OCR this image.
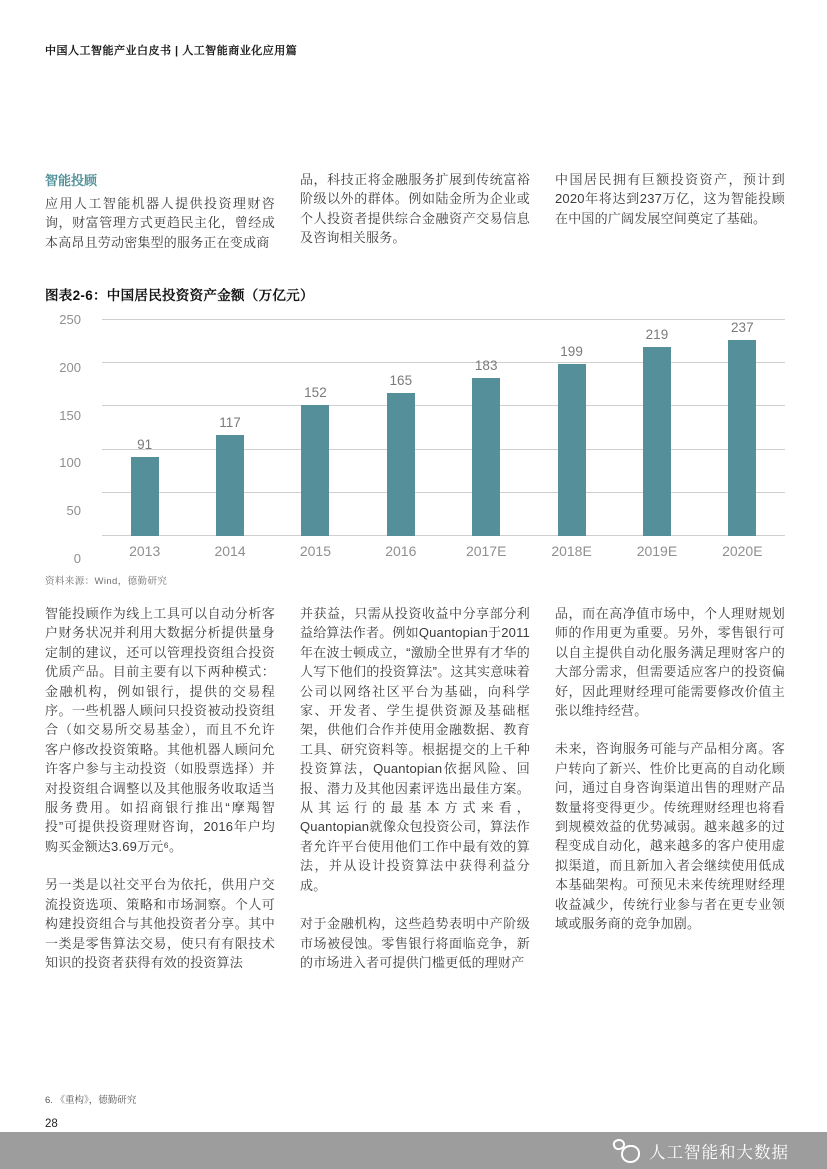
中国人工智能产业白皮书 | 人工智能商业化应用篇
智能投顾

应用人工智能机器人提供投资理财咨询，财富管理方式更趋民主化，曾经成本高昂且劳动密集型的服务正在变成商

品，科技正将金融服务扩展到传统富裕阶级以外的群体。例如陆金所为企业或个人投资者提供综合金融资产交易信息及咨询相关服务。

中国居民拥有巨额投资资产，预计到2020年将达到237万亿，这为智能投顾在中国的广阔发展空间奠定了基础。

图表2-6：中国居民投资资产金额（万亿元）
250
200
150
100
50
0
91
117
152
165
183
199
219	237
2013	2014	2015	2016	2017E	2018E	2019E	2020E
资料来源：Wind，德勤研究

智能投顾作为线上工具可以自动分析客户财务状况并利用大数据分析提供量身定制的建议，还可以管理投资组合投资优质产品。目前主要有以下两种模式：金融机构，例如银行，提供的交易程序。一些机器人顾问只投资被动投资组合（如交易所交易基金），而且不允许客户修改投资策略。其他机器人顾问允许客户参与主动投资（如股票选择）并对投资组合调整以及其他服务收取适当服务费用。如招商银行推出“摩羯智投”可提供投资理财咨询，2016年户均购买金额达3.69万元⁶。

另一类是以社交平台为依托，供用户交流投资选项、策略和市场洞察。个人可构建投资组合与其他投资者分享。其中一类是零售算法交易，使只有有限技术知识的投资者获得有效的投资算法

并获益，只需从投资收益中分享部分利益给算法作者。例如Quantopian于2011年在波士顿成立，“激励全世界有才华的人写下他们的投资算法”。这其实意味着公司以网络社区平台为基础，向科学家、开发者、学生提供资源及基础框架，供他们合作并使用金融数据、教育工具、研究资料等。根据提交的上千种投资算法，Quantopian依据风险、回报、潜力及其他因素评选出最佳方案。从其运行的最基本方式来看，Quantopian就像众包投资公司，算法作者允许平台使用他们工作中最有效的算法，并从设计投资算法中获得利益分成。

对于金融机构，这些趋势表明中产阶级市场被侵蚀。零售银行将面临竞争，新的市场进入者可提供门槛更低的理财产

品，而在高净值市场中，个人理财规划师的作用更为重要。另外，零售银行可以自主提供自动化服务满足理财客户的大部分需求，但需要适应客户的投资偏好，因此理财经理可能需要修改价值主张以维持经营。

未来，咨询服务可能与产品相分离。客户转向了新兴、性价比更高的自动化顾问，通过自身咨询渠道出售的理财产品数量将变得更少。传统理财经理也将看到规模效益的优势减弱。越来越多的过程变成自动化，越来越多的客户使用虚拟渠道，而且新加入者会继续使用低成本基础架构。可预见未来传统理财经理收益减少，传统行业参与者在更专业领域或服务商的竞争加剧。

6. 《重构》，德勤研究
28
人工智能和大数据
